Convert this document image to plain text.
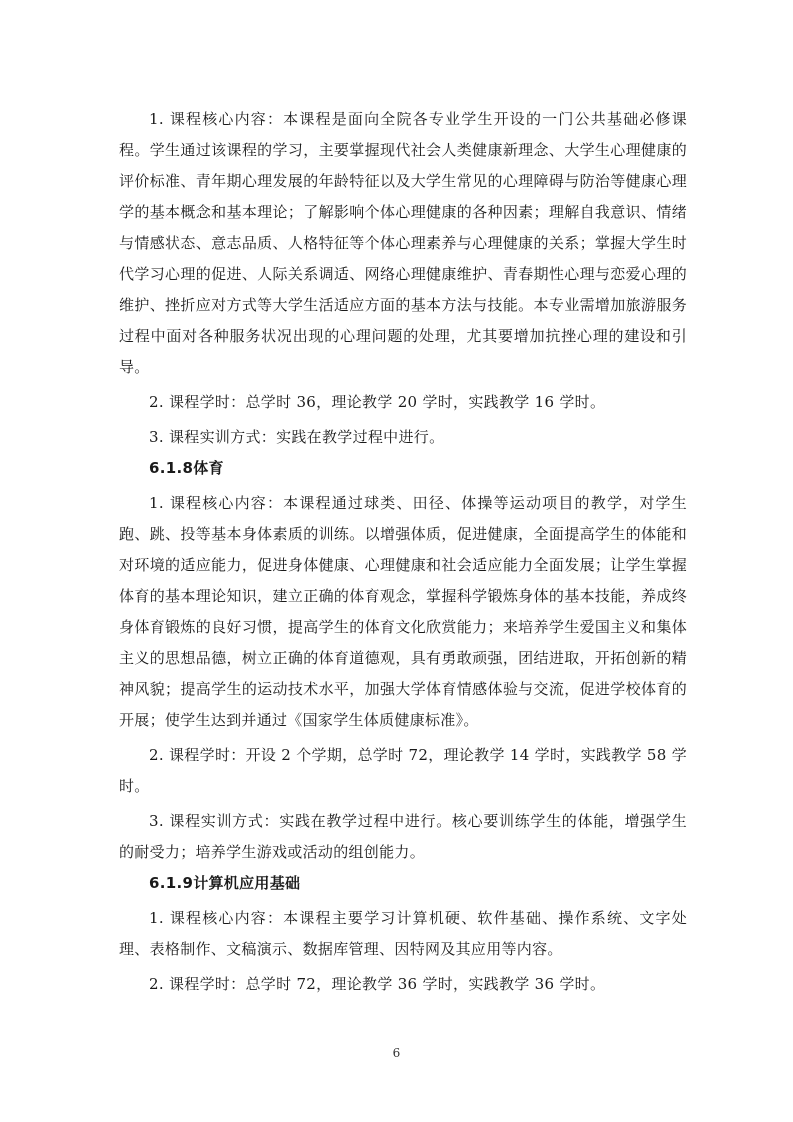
1. 课程核心内容：本课程是面向全院各专业学生开设的一门公共基础必修课程。学生通过该课程的学习，主要掌握现代社会人类健康新理念、大学生心理健康的评价标准、青年期心理发展的年龄特征以及大学生常见的心理障碍与防治等健康心理学的基本概念和基本理论；了解影响个体心理健康的各种因素；理解自我意识、情绪与情感状态、意志品质、人格特征等个体心理素养与心理健康的关系；掌握大学生时代学习心理的促进、人际关系调适、网络心理健康维护、青春期性心理与恋爱心理的维护、挫折应对方式等大学生活适应方面的基本方法与技能。本专业需增加旅游服务过程中面对各种服务状况出现的心理问题的处理，尤其要增加抗挫心理的建设和引导。

2. 课程学时：总学时 36，理论教学 20 学时，实践教学 16 学时。

3. 课程实训方式：实践在教学过程中进行。

6.1.8体育

1. 课程核心内容：本课程通过球类、田径、体操等运动项目的教学，对学生跑、跳、投等基本身体素质的训练。以增强体质，促进健康，全面提高学生的体能和对环境的适应能力，促进身体健康、心理健康和社会适应能力全面发展；让学生掌握体育的基本理论知识，建立正确的体育观念，掌握科学锻炼身体的基本技能，养成终身体育锻炼的良好习惯，提高学生的体育文化欣赏能力；来培养学生爱国主义和集体主义的思想品德，树立正确的体育道德观，具有勇敢顽强，团结进取，开拓创新的精神风貌；提高学生的运动技术水平，加强大学体育情感体验与交流，促进学校体育的开展；使学生达到并通过《国家学生体质健康标准》。

2. 课程学时：开设 2 个学期，总学时 72，理论教学 14 学时，实践教学 58 学时。

3. 课程实训方式：实践在教学过程中进行。核心要训练学生的体能，增强学生的耐受力；培养学生游戏或活动的组创能力。

6.1.9计算机应用基础

1. 课程核心内容：本课程主要学习计算机硬、软件基础、操作系统、文字处理、表格制作、文稿演示、数据库管理、因特网及其应用等内容。

2. 课程学时：总学时 72，理论教学 36 学时，实践教学 36 学时。

6
